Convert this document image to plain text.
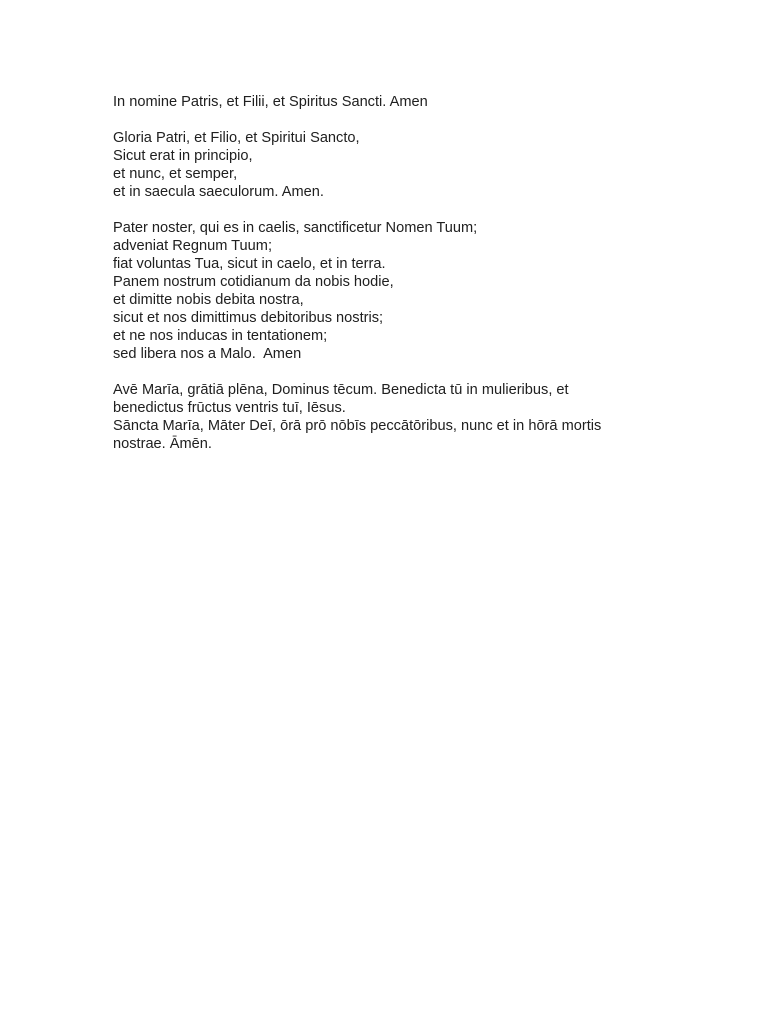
In nomine Patris, et Filii, et Spiritus Sancti. Amen
Gloria Patri, et Filio, et Spiritui Sancto,
Sicut erat in principio,
et nunc, et semper,
et in saecula saeculorum. Amen.
Pater noster, qui es in caelis, sanctificetur Nomen Tuum;
adveniat Regnum Tuum;
fiat voluntas Tua, sicut in caelo, et in terra.
Panem nostrum cotidianum da nobis hodie,
et dimitte nobis debita nostra,
sicut et nos dimittimus debitoribus nostris;
et ne nos inducas in tentationem;
sed libera nos a Malo.  Amen
Avē Marīa, grātiā plēna, Dominus tēcum. Benedicta tū in mulieribus, et
benedictus frūctus ventris tuī, Iēsus.
Sāncta Marīa, Māter Deī, ōrā prō nōbīs peccātōribus, nunc et in hōrā mortis
nostrae. Āmēn.
